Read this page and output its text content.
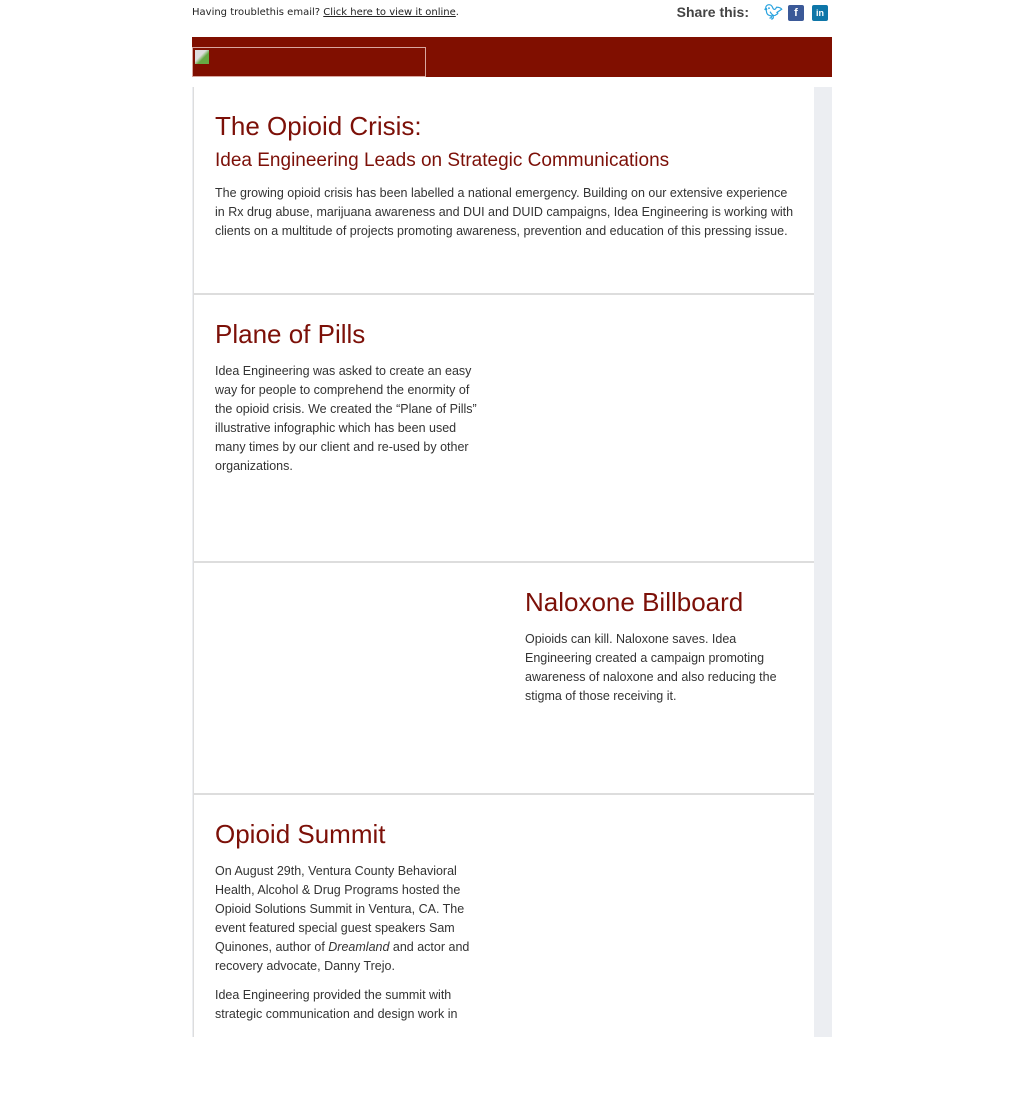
Having troublethis email? Click here to view it online.	Share this: 🐦︎	f	in
The Opioid Crisis:
Idea Engineering Leads on Strategic Communications

The growing opioid crisis has been labelled a national emergency. Building on our extensive experience in Rx drug abuse, marijuana awareness and DUI and DUID campaigns, Idea Engineering is working with clients on a multitude of projects promoting awareness, prevention and education of this pressing issue.

Plane of Pills

Idea Engineering was asked to create an easy way for people to comprehend the enormity of the opioid crisis. We created the “Plane of Pills” illustrative infographic which has been used many times by our client and re-used by other organizations.

Naloxone Billboard

Opioids can kill. Naloxone saves. Idea Engineering created a campaign promoting awareness of naloxone and also reducing the stigma of those receiving it.

Opioid Summit

On August 29th, Ventura County Behavioral Health, Alcohol & Drug Programs hosted the Opioid Solutions Summit in Ventura, CA. The event featured special guest speakers Sam Quinones, author of Dreamland and actor and recovery advocate, Danny Trejo.

Idea Engineering provided the summit with strategic communication and design work in
